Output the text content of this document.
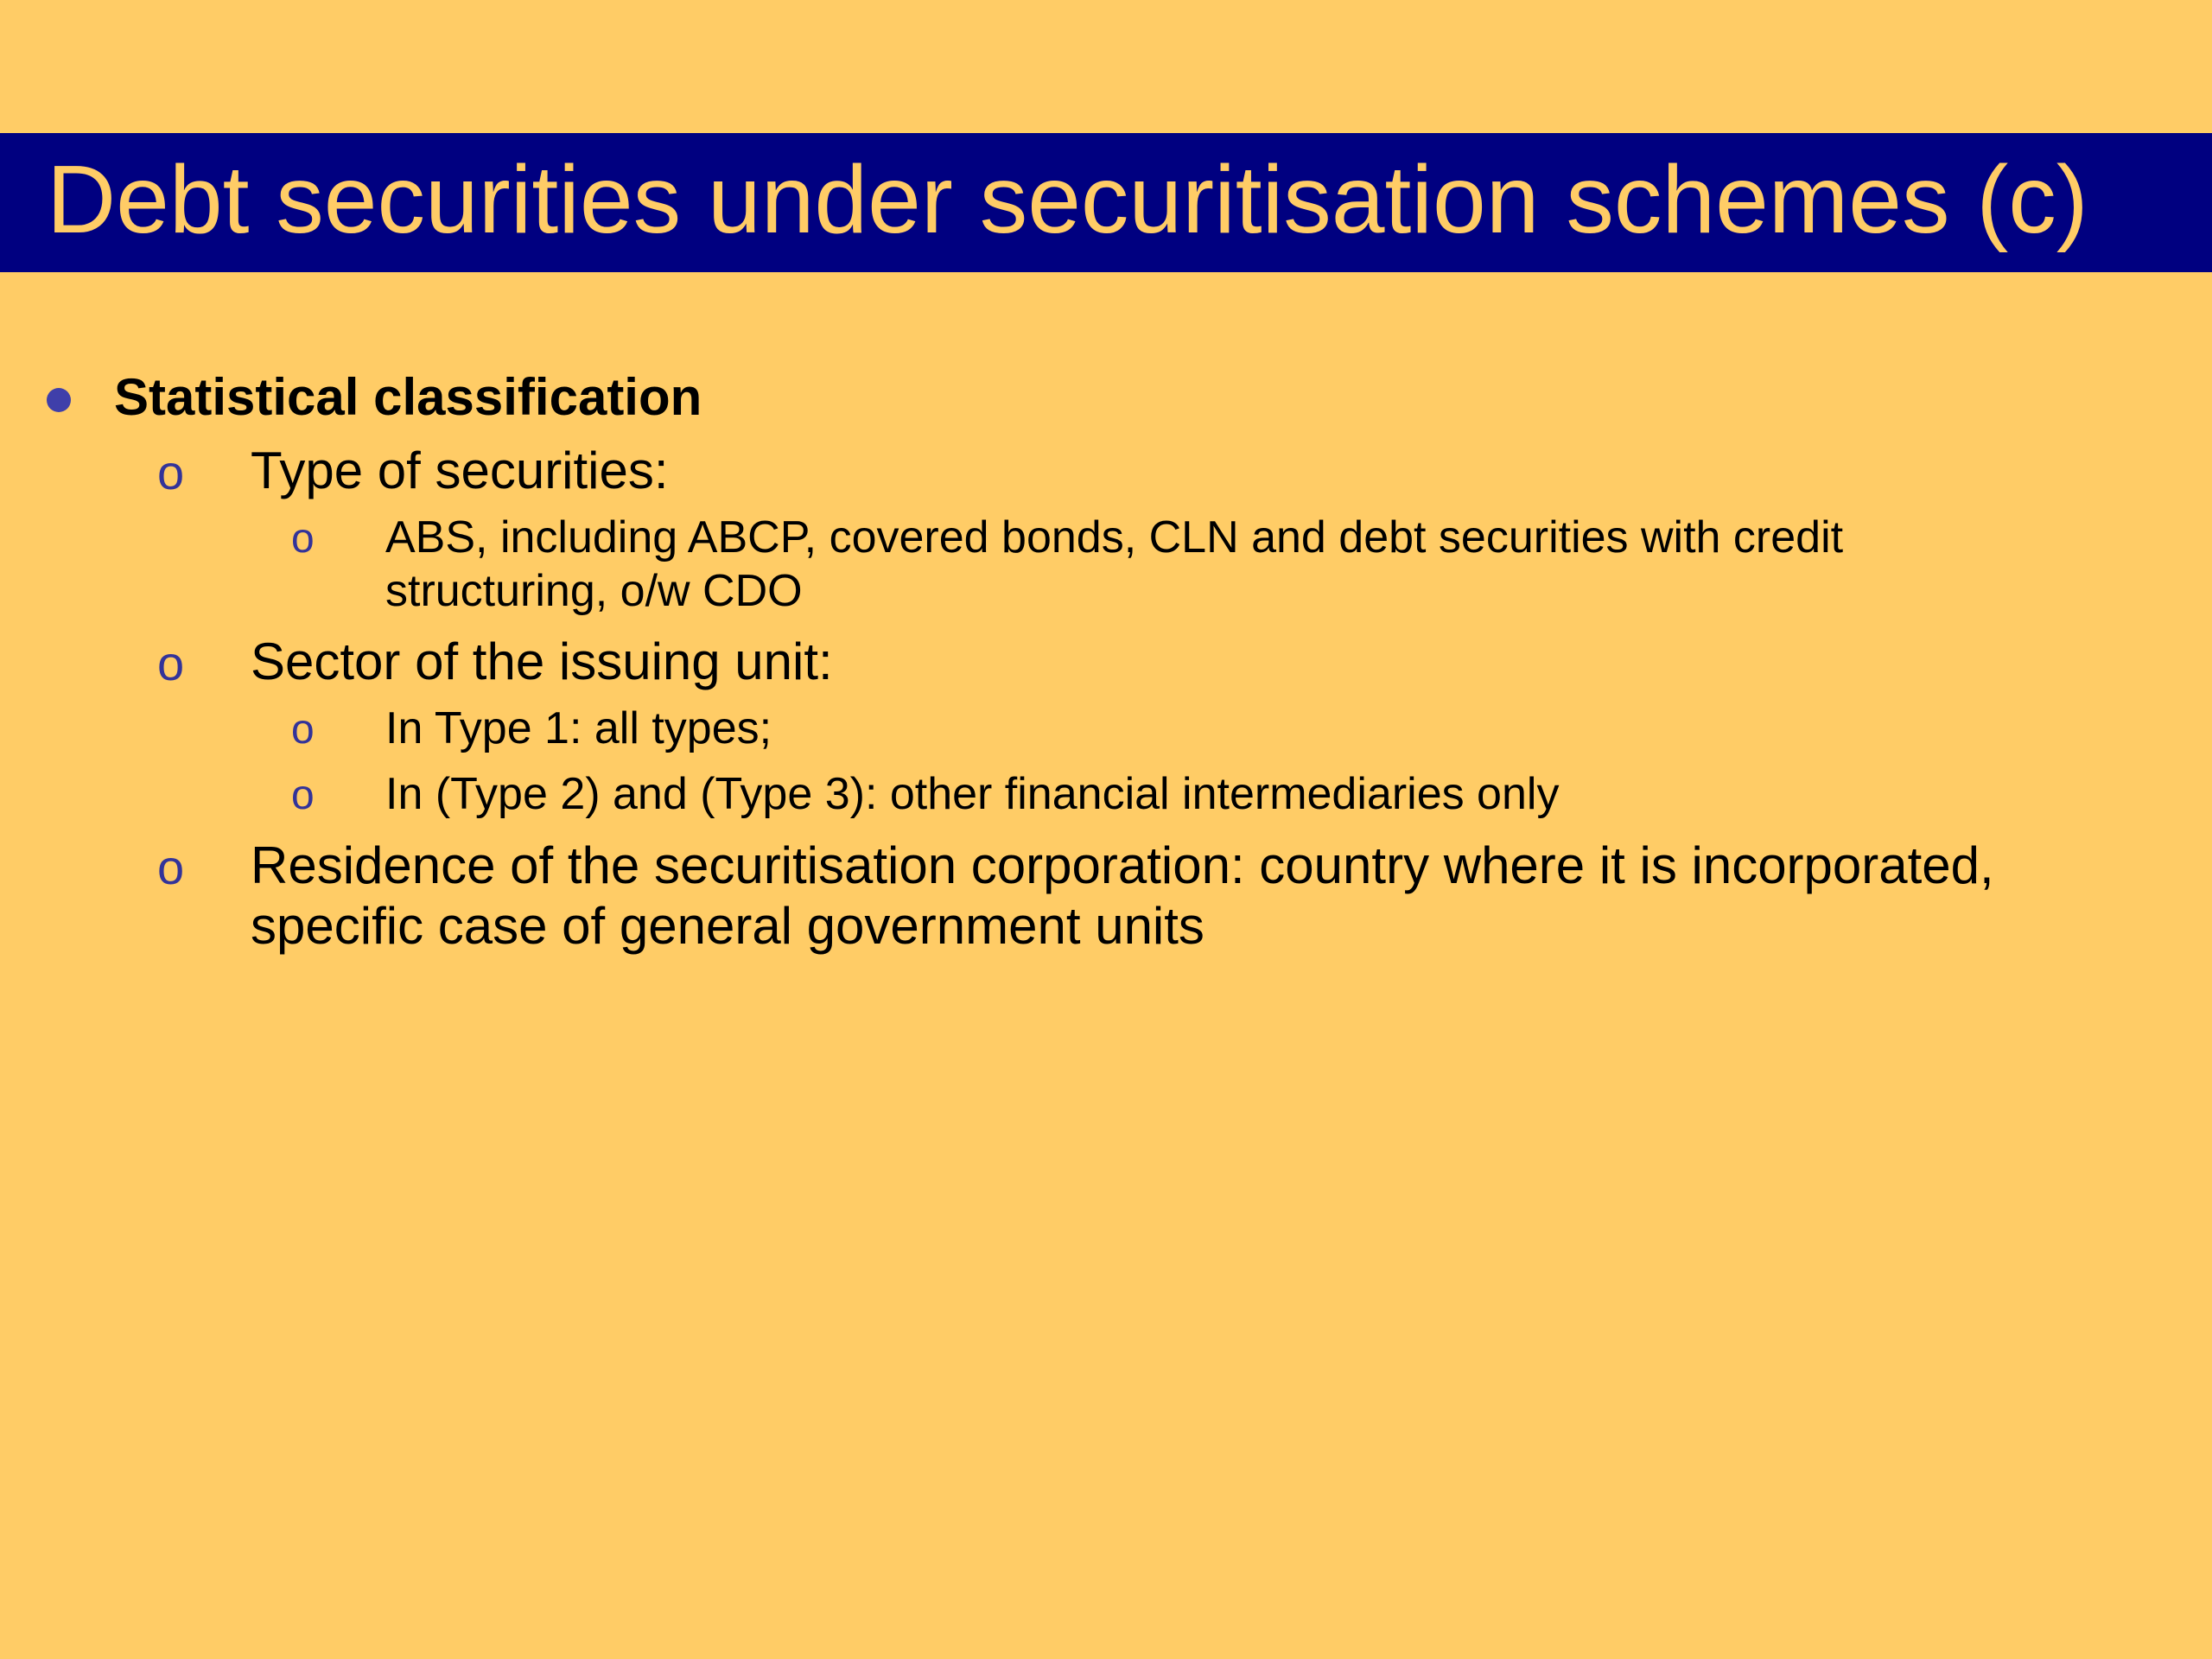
Debt securities under securitisation schemes (c)
Statistical classification
o Type of securities:
o ABS, including ABCP, covered bonds, CLN and debt securities with credit
structuring, o/w CDO
o Sector of the issuing unit:
o In Type 1: all types;
o In (Type 2) and (Type 3): other financial intermediaries only
o Residence of the securitisation corporation: country where it is incorporated,
specific case of general government units
